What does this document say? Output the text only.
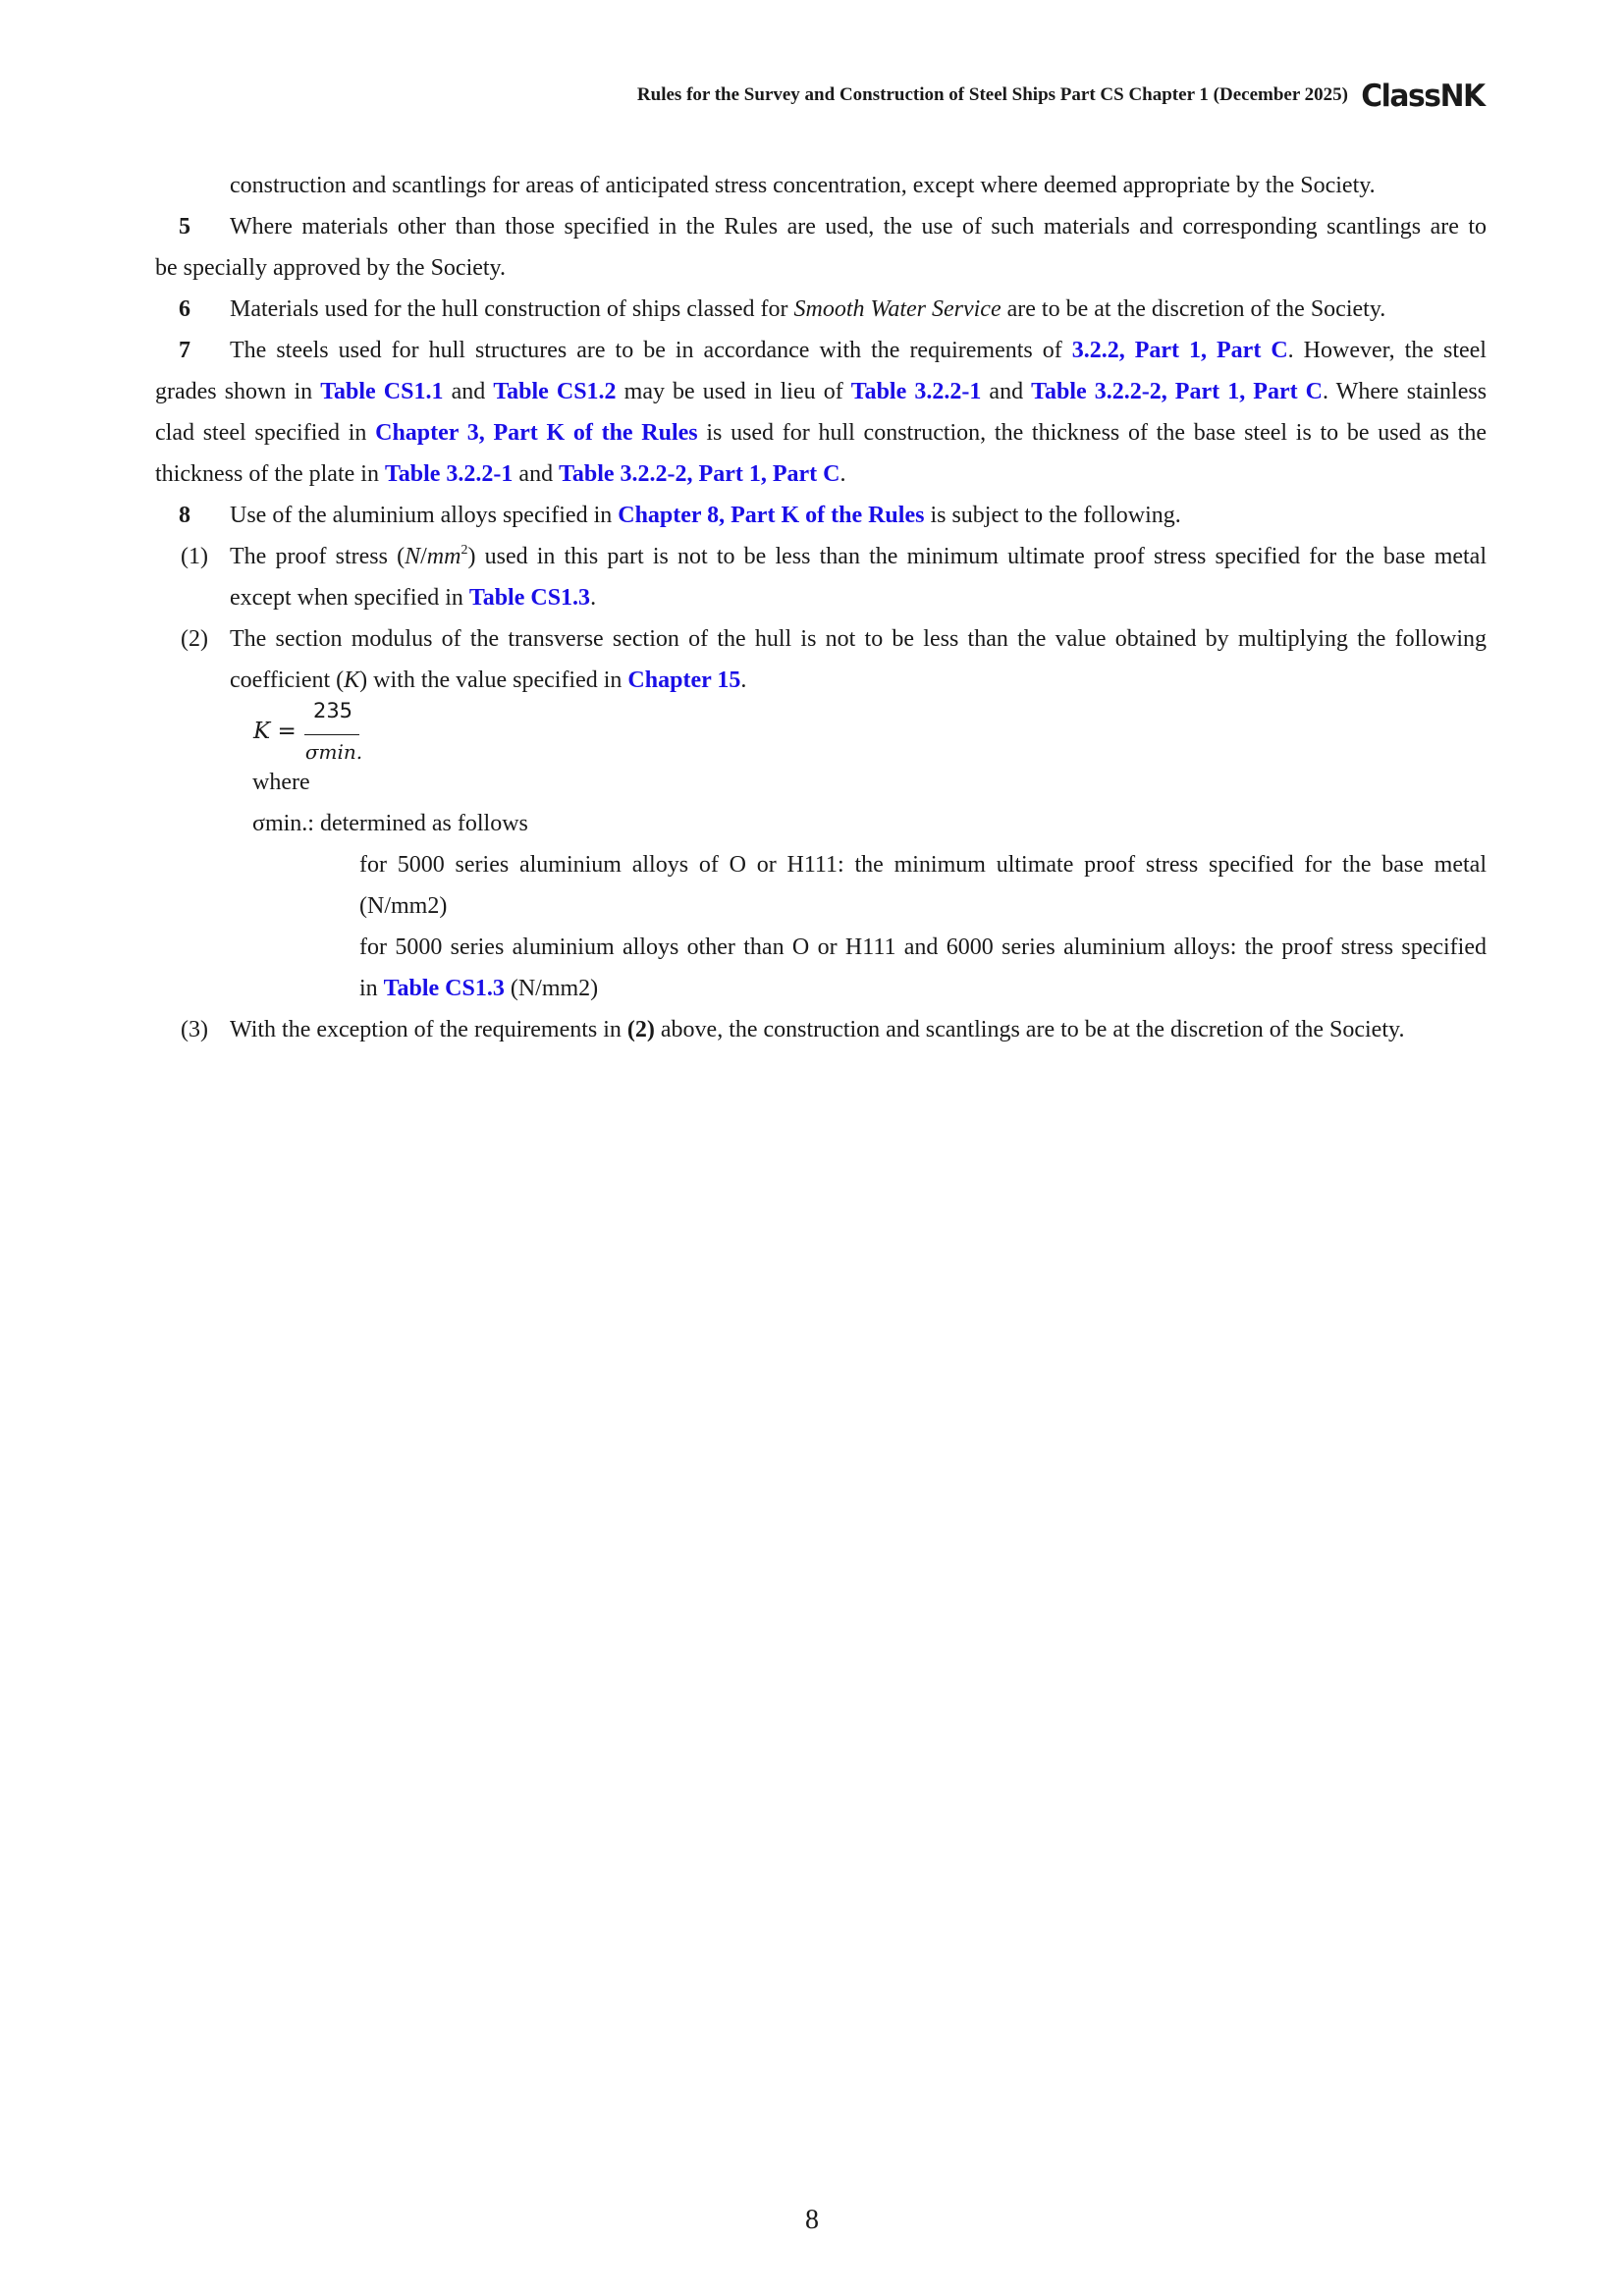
Rules for the Survey and Construction of Steel Ships Part CS Chapter 1 (December 2025) ClassNK
construction and scantlings for areas of anticipated stress concentration, except where deemed appropriate by the Society.
5 Where materials other than those specified in the Rules are used, the use of such materials and corresponding scantlings are to
be specially approved by the Society.
6 Materials used for the hull construction of ships classed for Smooth Water Service are to be at the discretion of the Society.
7 The steels used for hull structures are to be in accordance with the requirements of 3.2.2, Part 1, Part C. However, the steel
grades shown in Table CS1.1 and Table CS1.2 may be used in lieu of Table 3.2.2-1 and Table 3.2.2-2, Part 1, Part C. Where stainless
clad steel specified in Chapter 3, Part K of the Rules is used for hull construction, the thickness of the base steel is to be used as the
thickness of the plate in Table 3.2.2-1 and Table 3.2.2-2, Part 1, Part C.
8 Use of the aluminium alloys specified in Chapter 8, Part K of the Rules is subject to the following.
(1) The proof stress $(N/mm^2)$ used in this part is not to be less than the minimum ultimate proof stress specified for the base metal
except when specified in Table CS1.3.
(2) The section modulus of the transverse section of the hull is not to be less than the value obtained by multiplying the following
coefficient (K) with the value specified in Chapter 15.
K =
235
σmin.
where
σmin.: determined as follows
for 5000 series aluminium alloys of O or H111: the minimum ultimate proof stress specified for the base metal
(N/mm2)
for 5000 series aluminium alloys other than O or H111 and 6000 series aluminium alloys: the proof stress specified
in Table CS1.3 (N/mm2)
(3) With the exception of the requirements in (2) above, the construction and scantlings are to be at the discretion of the Society.
8
